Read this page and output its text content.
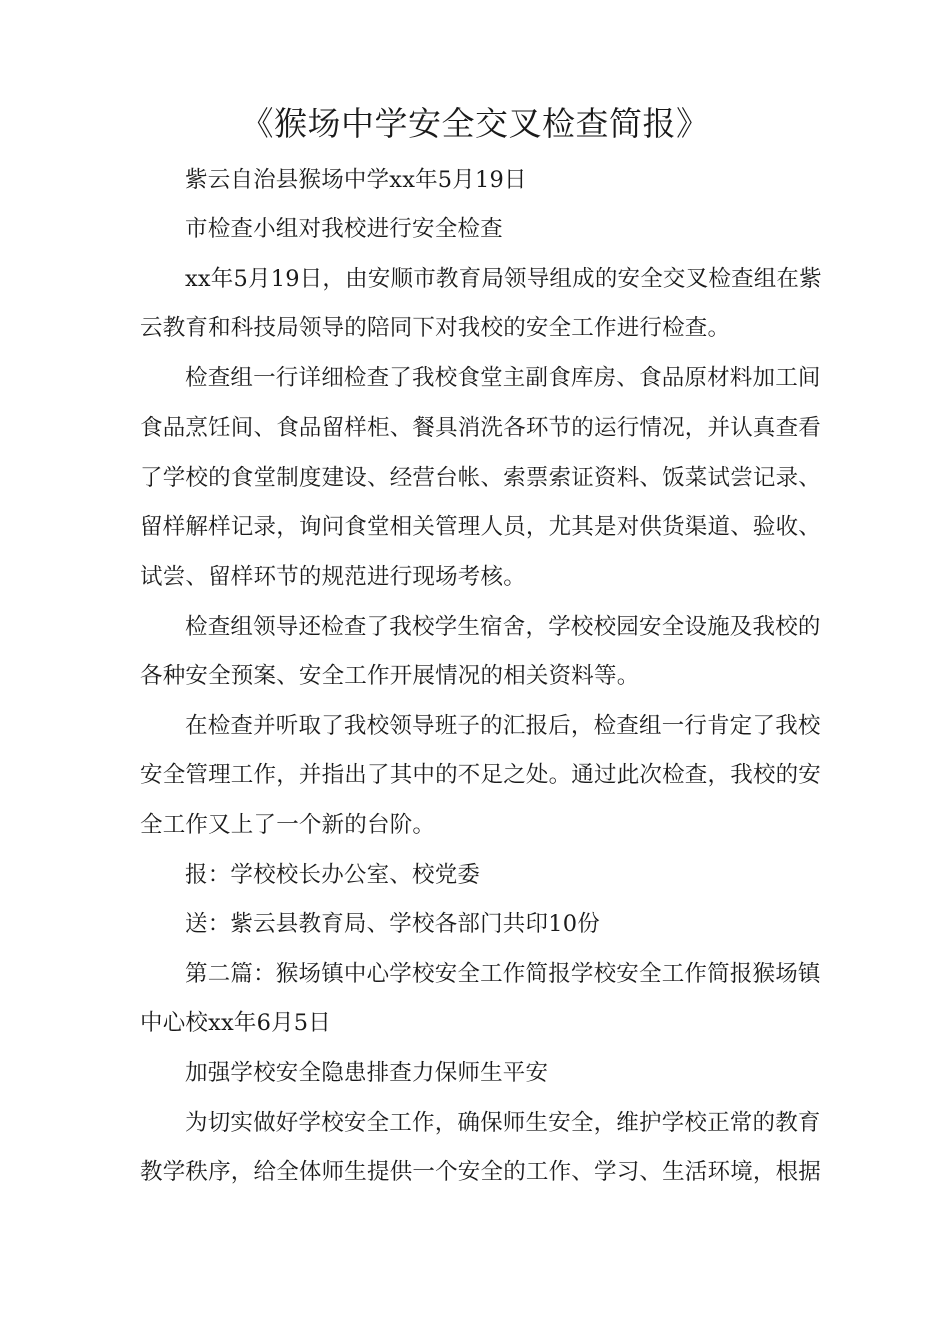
《猴场中学安全交叉检查简报》
紫云自治县猴场中学xx年5月19日
市检查小组对我校进行安全检查
xx年5月19日，由安顺市教育局领导组成的安全交叉检查组在紫
云教育和科技局领导的陪同下对我校的安全工作进行检查。
检查组一行详细检查了我校食堂主副食库房、食品原材料加工间
食品烹饪间、食品留样柜、餐具消洗各环节的运行情况，并认真查看
了学校的食堂制度建设、经营台帐、索票索证资料、饭菜试尝记录、
留样解样记录，询问食堂相关管理人员，尤其是对供货渠道、验收、
试尝、留样环节的规范进行现场考核。
检查组领导还检查了我校学生宿舍，学校校园安全设施及我校的
各种安全预案、安全工作开展情况的相关资料等。
在检查并听取了我校领导班子的汇报后，检查组一行肯定了我校
安全管理工作，并指出了其中的不足之处。通过此次检查，我校的安
全工作又上了一个新的台阶。
报：学校校长办公室、校党委
送：紫云县教育局、学校各部门共印10份
第二篇：猴场镇中心学校安全工作简报学校安全工作简报猴场镇
中心校xx年6月5日
加强学校安全隐患排查力保师生平安
为切实做好学校安全工作，确保师生安全，维护学校正常的教育
教学秩序，给全体师生提供一个安全的工作、学习、生活环境，根据
